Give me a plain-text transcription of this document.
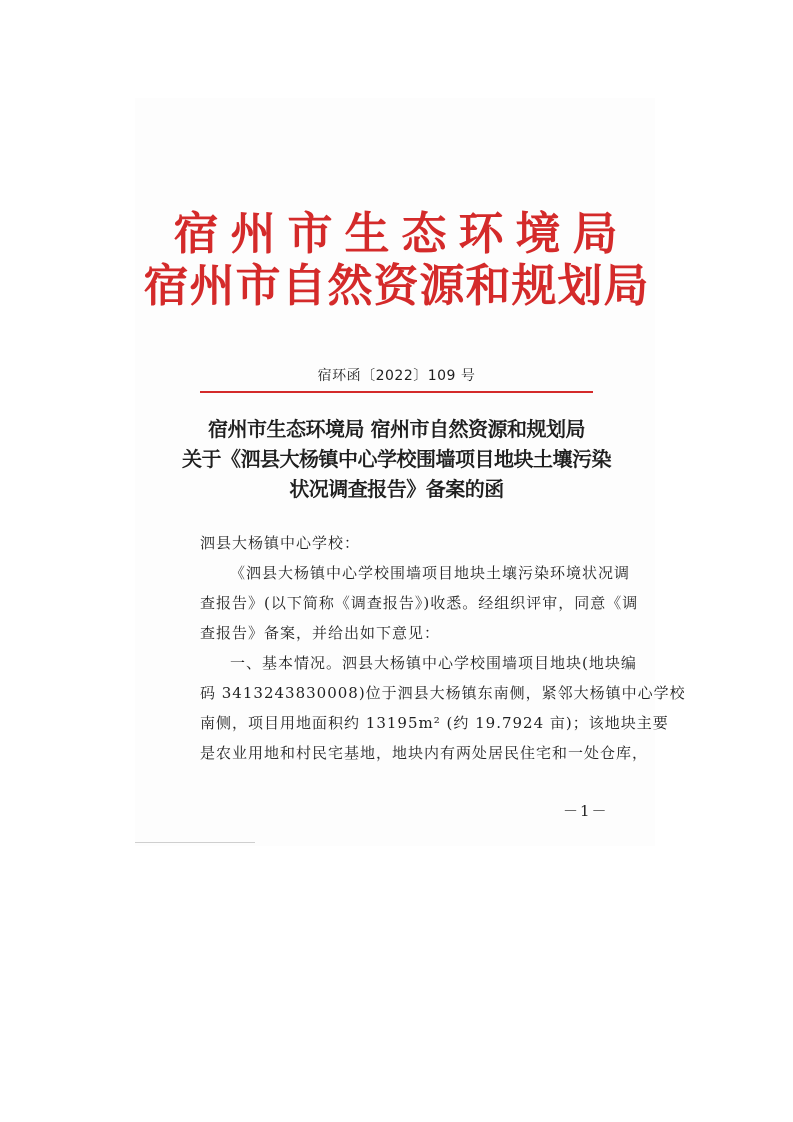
宿州市生态环境局
宿州市自然资源和规划局
宿环函〔2022〕109 号
宿州市生态环境局 宿州市自然资源和规划局
关于《泗县大杨镇中心学校围墙项目地块土壤污染
状况调查报告》备案的函

泗县大杨镇中心学校：

《泗县大杨镇中心学校围墙项目地块土壤污染环境状况调

查报告》(以下简称《调查报告》)收悉。经组织评审，同意《调

查报告》备案，并给出如下意见：

一、基本情况。泗县大杨镇中心学校围墙项目地块(地块编

码 3413243830008)位于泗县大杨镇东南侧，紧邻大杨镇中心学校

南侧，项目用地面积约 13195m² (约 19.7924 亩)；该地块主要

是农业用地和村民宅基地，地块内有两处居民住宅和一处仓库，

－1－
